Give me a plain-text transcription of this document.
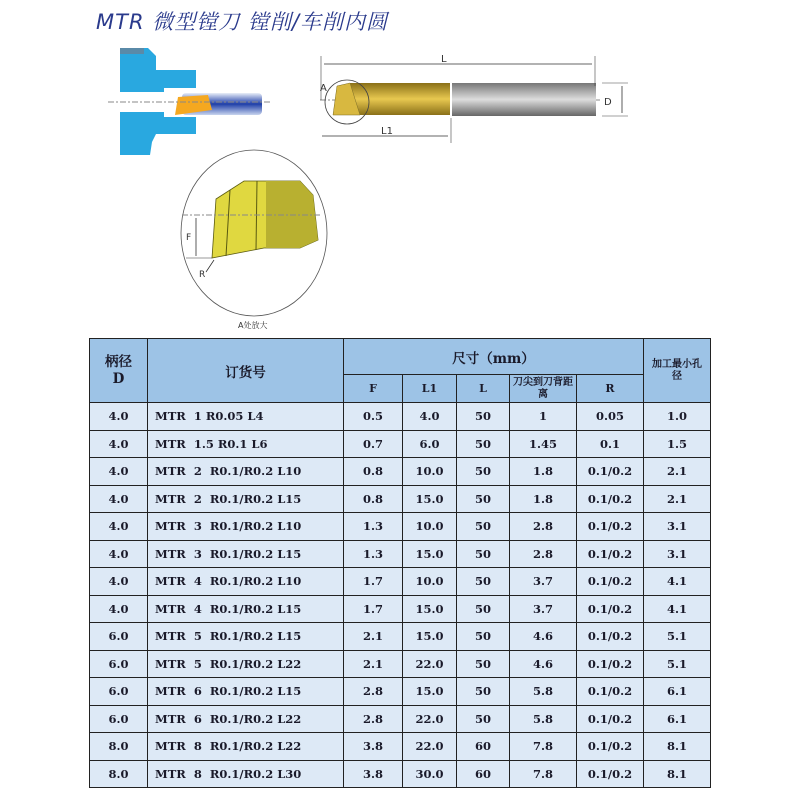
MTR 微型镗刀 镗削/车削内圆
L
L1
D
A
F
R
A处放大
柄径
D	订货号	尺寸（mm）					加工最小孔径
		F	L1	L	刀尖到刀背距离	R	
4.0	MTR  1 R0.05 L4	0.5	4.0	50	1	0.05	1.0
4.0	MTR  1.5 R0.1 L6	0.7	6.0	50	1.45	0.1	1.5
4.0	MTR  2  R0.1/R0.2 L10	0.8	10.0	50	1.8	0.1/0.2	2.1
4.0	MTR  2  R0.1/R0.2 L15	0.8	15.0	50	1.8	0.1/0.2	2.1
4.0	MTR  3  R0.1/R0.2 L10	1.3	10.0	50	2.8	0.1/0.2	3.1
4.0	MTR  3  R0.1/R0.2 L15	1.3	15.0	50	2.8	0.1/0.2	3.1
4.0	MTR  4  R0.1/R0.2 L10	1.7	10.0	50	3.7	0.1/0.2	4.1
4.0	MTR  4  R0.1/R0.2 L15	1.7	15.0	50	3.7	0.1/0.2	4.1
6.0	MTR  5  R0.1/R0.2 L15	2.1	15.0	50	4.6	0.1/0.2	5.1
6.0	MTR  5  R0.1/R0.2 L22	2.1	22.0	50	4.6	0.1/0.2	5.1
6.0	MTR  6  R0.1/R0.2 L15	2.8	15.0	50	5.8	0.1/0.2	6.1
6.0	MTR  6  R0.1/R0.2 L22	2.8	22.0	50	5.8	0.1/0.2	6.1
8.0	MTR  8  R0.1/R0.2 L22	3.8	22.0	60	7.8	0.1/0.2	8.1
8.0	MTR  8  R0.1/R0.2 L30	3.8	30.0	60	7.8	0.1/0.2	8.1
